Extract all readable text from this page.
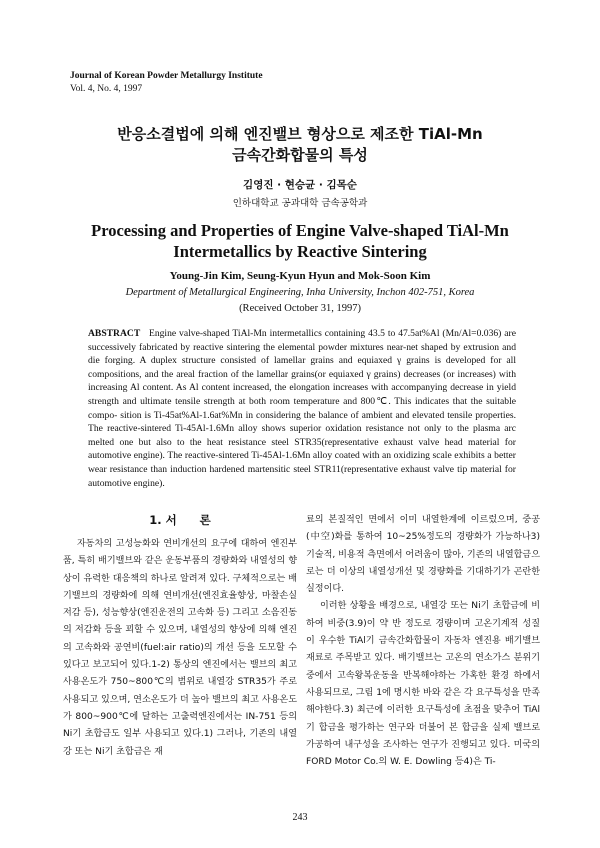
Journal of Korean Powder Metallurgy Institute
Vol. 4, No. 4, 1997
반응소결법에 의해 엔진밸브 형상으로 제조한 TiAl-Mn
금속간화합물의 특성
김영진 · 현승균 · 김목순
인하대학교 공과대학 금속공학과
Processing and Properties of Engine Valve-shaped TiAl-Mn
Intermetallics by Reactive Sintering
Young-Jin Kim, Seung-Kyun Hyun and Mok-Soon Kim
Department of Metallurgical Engineering, Inha University, Inchon 402-751, Korea
(Received October 31, 1997)

ABSTRACT Engine valve-shaped TiAl-Mn intermetallics containing 43.5 to 47.5at%Al (Mn/Al=0.036) are successively fabricated by reactive sintering the elemental powder mixtures near-net shaped by extrusion and die forging. A duplex structure consisted of lamellar grains and equiaxed γ grains is developed for all compositions, and the areal fraction of the lamellar grains(or equiaxed γ grains) decreases (or increases) with increasing Al content. As Al content increased, the elongation increases with accompanying decrease in yield strength and ultimate tensile strength at both room temperature and 800℃. This indicates that the suitable compo- sition is Ti-45at%Al-1.6at%Mn in considering the balance of ambient and elevated tensile properties. The reactive-sintered Ti-45Al-1.6Mn alloy shows superior oxidation resistance not only to the plasma arc melted one but also to the heat resistance steel STR35(representative exhaust valve head material for automotive engine). The reactive-sintered Ti-45Al-1.6Mn alloy coated with an oxidizing scale exhibits a better wear resistance than induction hardened martensitic steel STR11(representative exhaust valve tip material for automotive engine).

1. 서　　론

자동차의 고성능화와 연비개선의 요구에 대하여 엔진부품, 특히 배기밸브와 같은 운동부품의 경량화와 내열성의 향상이 유력한 대응책의 하나로 알려져 있다. 구체적으로는 배기밸브의 경량화에 의해 연비개선(엔진효율향상, 마찰손실저감 등), 성능향상(엔진운전의 고속화 등) 그리고 소음진동의 저감화 등을 꾀할 수 있으며, 내열성의 향상에 의해 엔진의 고속화와 공연비(fuel:air ratio)의 개선 등을 도모할 수 있다고 보고되어 있다.1-2) 통상의 엔진에서는 밸브의 최고 사용온도가 750~800℃의 범위로 내열강 STR35가 주로 사용되고 있으며, 연소온도가 더 높아 밸브의 최고 사용온도가 800~900℃에 달하는 고출력엔진에서는 IN-751 등의 Ni기 초합금도 일부 사용되고 있다.1) 그러나, 기존의 내열강 또는 Ni기 초합금은 재

료의 본질적인 면에서 이미 내열한계에 이르렀으며, 중공(中空)화를 통하여 10~25%정도의 경량화가 가능하나3) 기술적, 비용적 측면에서 어려움이 많아, 기존의 내열합금으로는 더 이상의 내열성개선 및 경량화를 기대하기가 곤란한 실정이다.

이러한 상황을 배경으로, 내열강 또는 Ni기 초합금에 비하여 비중(3.9)이 약 반 정도로 경량이며 고온기계적 성질이 우수한 TiAl기 금속간화합물이 자동차 엔진용 배기밸브 재료로 주목받고 있다. 배기밸브는 고온의 연소가스 분위기 중에서 고속왕복운동을 반복해야하는 가혹한 환경 하에서 사용되므로, 그림 1에 명시한 바와 같은 각 요구특성을 만족해야한다.3) 최근에 이러한 요구특성에 초점을 맞추어 TiAl기 합금을 평가하는 연구와 더불어 본 합금을 실제 밸브로 가공하여 내구성을 조사하는 연구가 진행되고 있다. 미국의 FORD Motor Co.의 W. E. Dowling 등4)은 Ti-

243
